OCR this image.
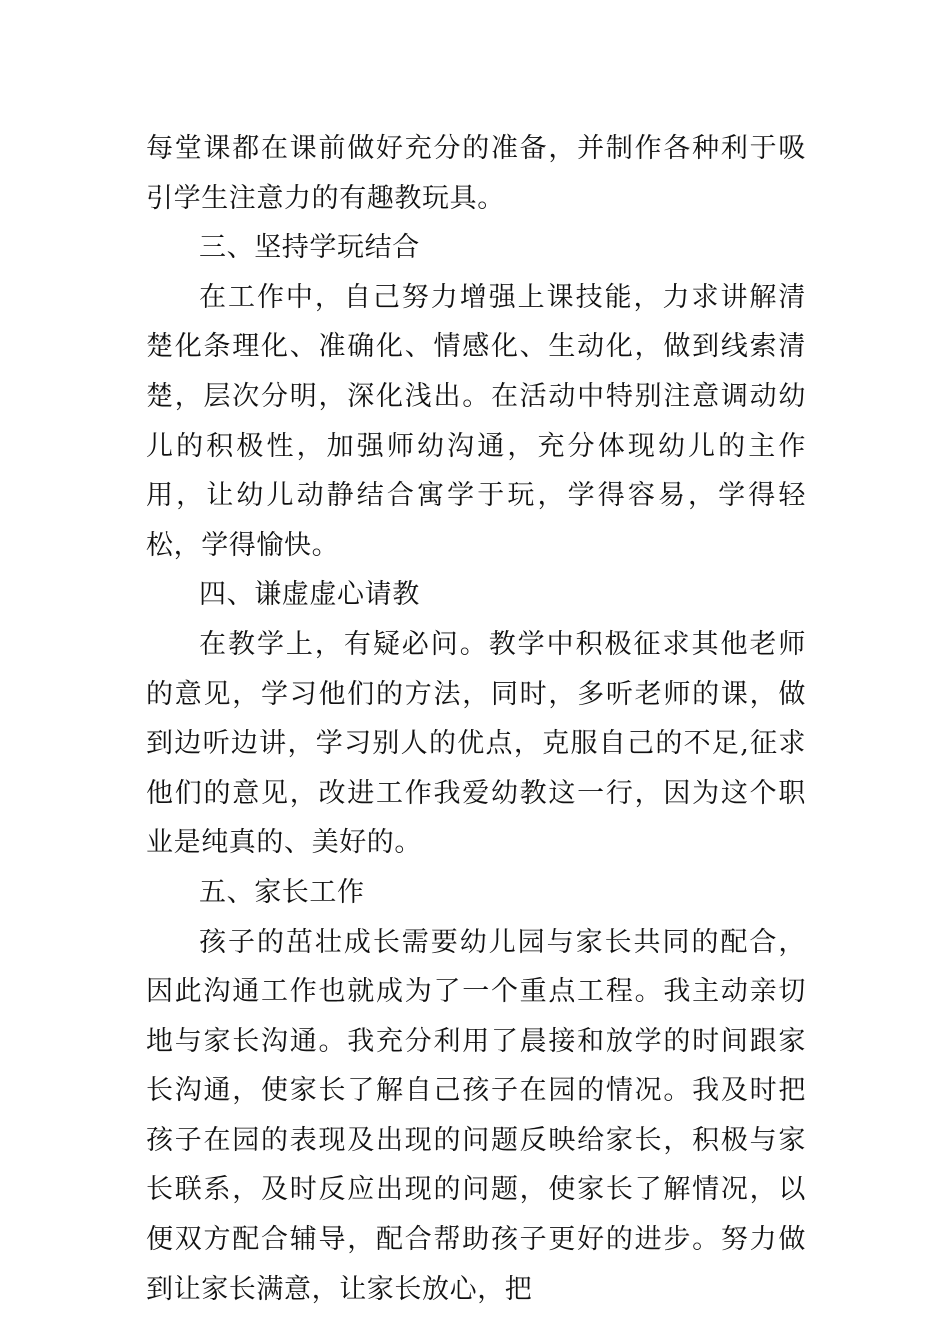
每堂课都在课前做好充分的准备，并制作各种利于吸引学生注意力的有趣教玩具。

三、坚持学玩结合

在工作中，自己努力增强上课技能，力求讲解清楚化条理化、准确化、情感化、生动化，做到线索清楚，层次分明，深化浅出。在活动中特别注意调动幼儿的积极性，加强师幼沟通，充分体现幼儿的主作用，让幼儿动静结合寓学于玩，学得容易，学得轻松，学得愉快。

四、谦虚虚心请教

在教学上，有疑必问。教学中积极征求其他老师的意见，学习他们的方法，同时，多听老师的课，做到边听边讲，学习别人的优点，克服自己的不足,征求他们的意见，改进工作我爱幼教这一行，因为这个职业是纯真的、美好的。

五、家长工作

孩子的茁壮成长需要幼儿园与家长共同的配合，因此沟通工作也就成为了一个重点工程。我主动亲切地与家长沟通。我充分利用了晨接和放学的时间跟家长沟通，使家长了解自己孩子在园的情况。我及时把孩子在园的表现及出现的问题反映给家长，积极与家长联系，及时反应出现的问题，使家长了解情况，以便双方配合辅导，配合帮助孩子更好的进步。努力做到让家长满意，让家长放心，把
